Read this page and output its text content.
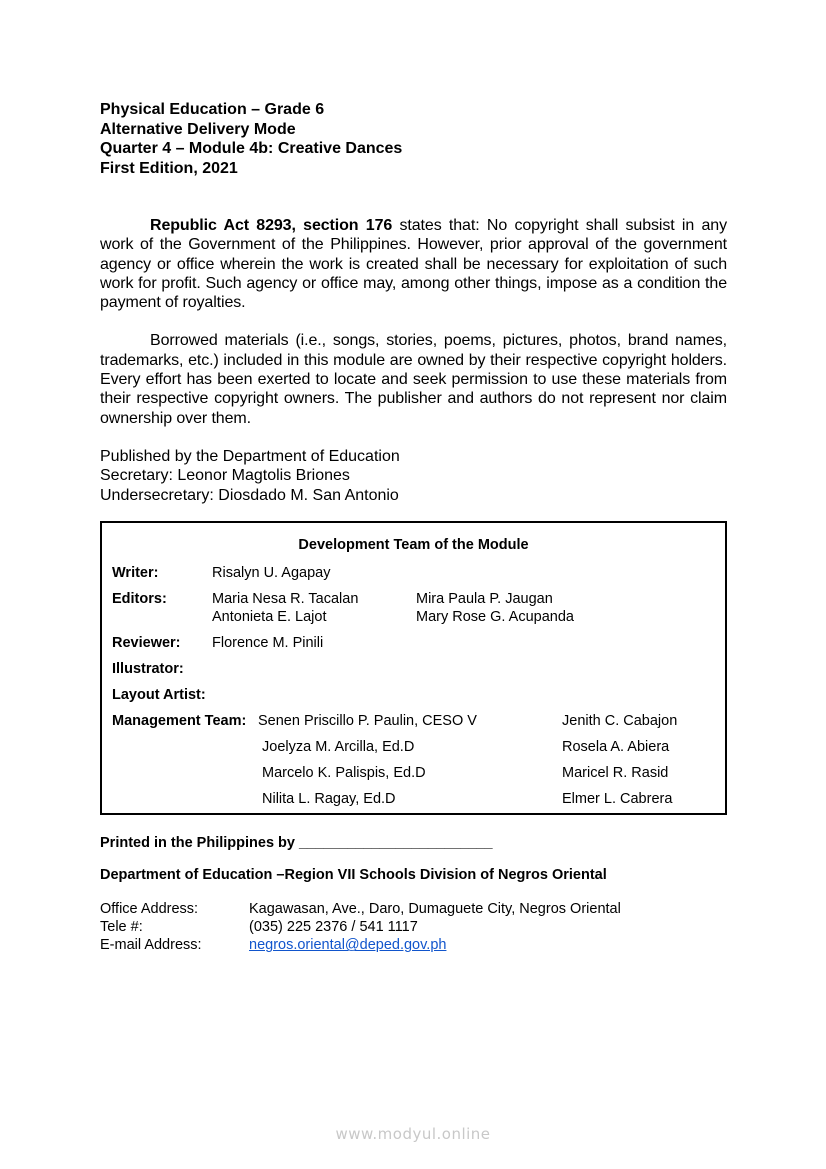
Physical Education – Grade 6
Alternative Delivery Mode
Quarter 4 – Module 4b: Creative Dances
First Edition, 2021

Republic Act 8293, section 176 states that: No copyright shall subsist in any work of the Government of the Philippines. However, prior approval of the government agency or office wherein the work is created shall be necessary for exploitation of such work for profit. Such agency or office may, among other things, impose as a condition the payment of royalties.

Borrowed materials (i.e., songs, stories, poems, pictures, photos, brand names, trademarks, etc.) included in this module are owned by their respective copyright holders. Every effort has been exerted to locate and seek permission to use these materials from their respective copyright owners. The publisher and authors do not represent nor claim ownership over them.

Published by the Department of Education
Secretary: Leonor Magtolis Briones
Undersecretary: Diosdado M. San Antonio
Development Team of the Module
Writer:	Risalyn U. Agapay
Editors:	Maria Nesa R. Tacalan	Mira Paula P. Jaugan
Antonieta E. Lajot	Mary Rose G. Acupanda
Reviewer: Florence M. Pinili
Illustrator:
Layout Artist:
Management Team: Senen Priscillo P. Paulin, CESO V	Jenith C. Cabajon
Joelyza M. Arcilla, Ed.D	Rosela A. Abiera
Marcelo K. Palispis, Ed.D	Maricel R. Rasid
Nilita L. Ragay, Ed.D	Elmer L. Cabrera
Printed in the Philippines by ________________________
Department of Education –Region VII Schools Division of Negros Oriental
Office Address:	Kagawasan, Ave., Daro, Dumaguete City, Negros Oriental
Tele #:	(035) 225 2376 / 541 1117
E-mail Address:	negros.oriental@deped.gov.ph
www.modyul.online
